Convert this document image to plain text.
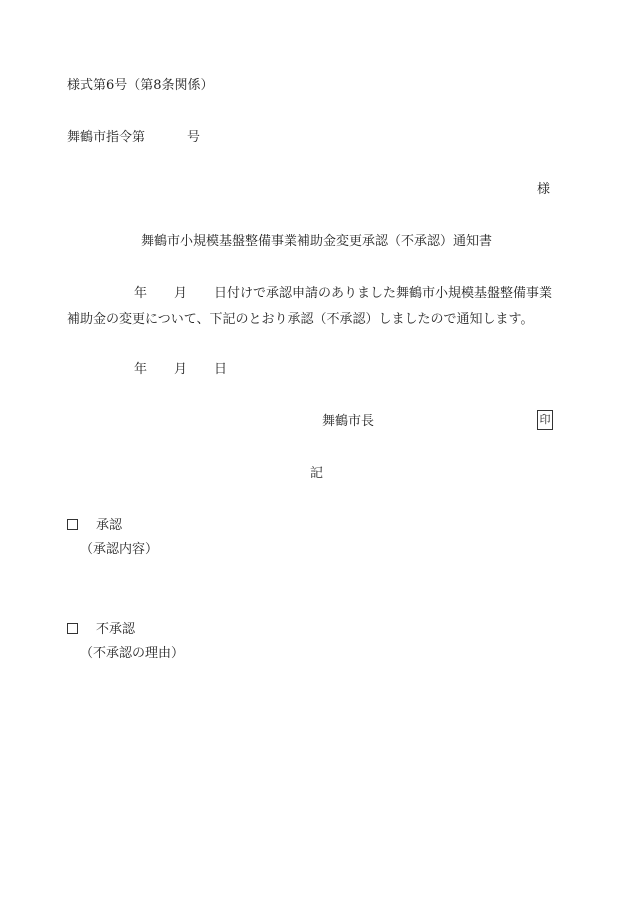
様式第6号（第8条関係）
舞鶴市指令第	号
様
舞鶴市小規模基盤整備事業補助金変更承認（不承認）通知書
年 月 日付けで承認申請のありました舞鶴市小規模基盤整備事業
補助金の変更について、下記のとおり承認（不承認）しましたので通知します。
年 月 日
舞鶴市長	印
記
承認
（承認内容）
不承認
（不承認の理由）
